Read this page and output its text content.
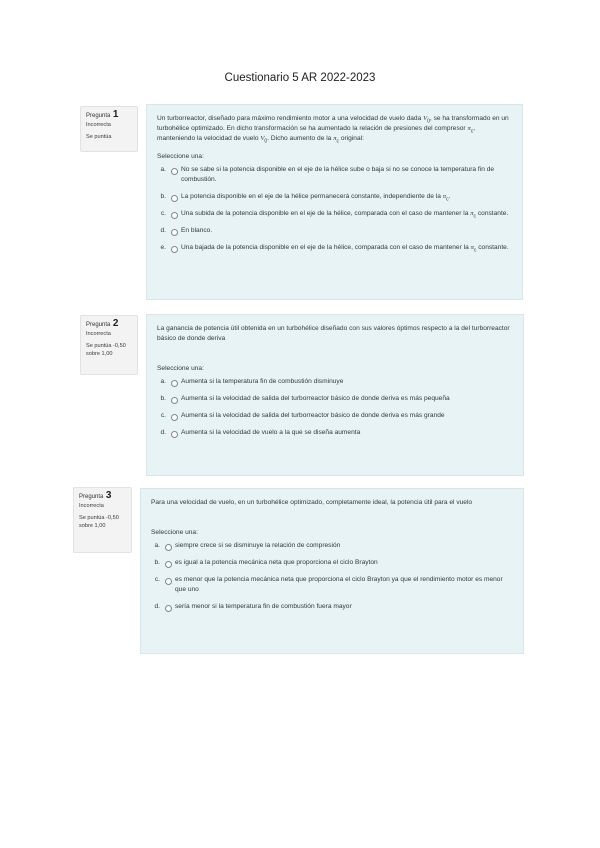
Cuestionario 5 AR 2022-2023
Pregunta 1
Incorrecta
Se puntúa

Un turborreactor, diseñado para máximo rendimiento motor a una velocidad de vuelo dada $V_0$, se ha transformado en un turbohélice optimizado. En dicho transformación se ha aumentado la relación de presiones del compresor $\pi_c$, manteniendo la velocidad de vuelo $V_0$. Dicho aumento de la $\pi_c$ original:

Seleccione una:
a. No se sabe si la potencia disponible en el eje de la hélice sube o baja si no se conoce la temperatura fin de combustión.
b. La potencia disponible en el eje de la hélice permanecerá constante, independiente de la $\pi_c$.
c. Una subida de la potencia disponible en el eje de la hélice, comparada con el caso de mantener la $\pi_c$ constante.
d. En blanco.
e. Una bajada de la potencia disponible en el eje de la hélice, comparada con el caso de mantener la $\pi_c$ constante.
Pregunta 2
Incorrecta
Se puntúa -0,50 sobre 1,00

La ganancia de potencia útil obtenida en un turbohélice diseñado con sus valores óptimos respecto a la del turborreactor básico de donde deriva

Seleccione una:
a. Aumenta si la temperatura fin de combustión disminuye
b. Aumenta si la velocidad de salida del turborreactor básico de donde deriva es más pequeña
c. Aumenta si la velocidad de salida del turborreactor básico de donde deriva es más grande
d. Aumenta si la velocidad de vuelo a la que se diseña aumenta
Pregunta 3
Incorrecta
Se puntúa -0,50 sobre 1,00

Para una velocidad de vuelo, en un turbohélice optimizado, completamente ideal, la potencia útil para el vuelo

Seleccione una:
a. siempre crece si se disminuye la relación de compresión
b. es igual a la potencia mecánica neta que proporciona el ciclo Brayton
c. es menor que la potencia mecánica neta que proporciona el ciclo Brayton ya que el rendimiento motor es menor que uno
d. sería menor si la temperatura fin de combustión fuera mayor
